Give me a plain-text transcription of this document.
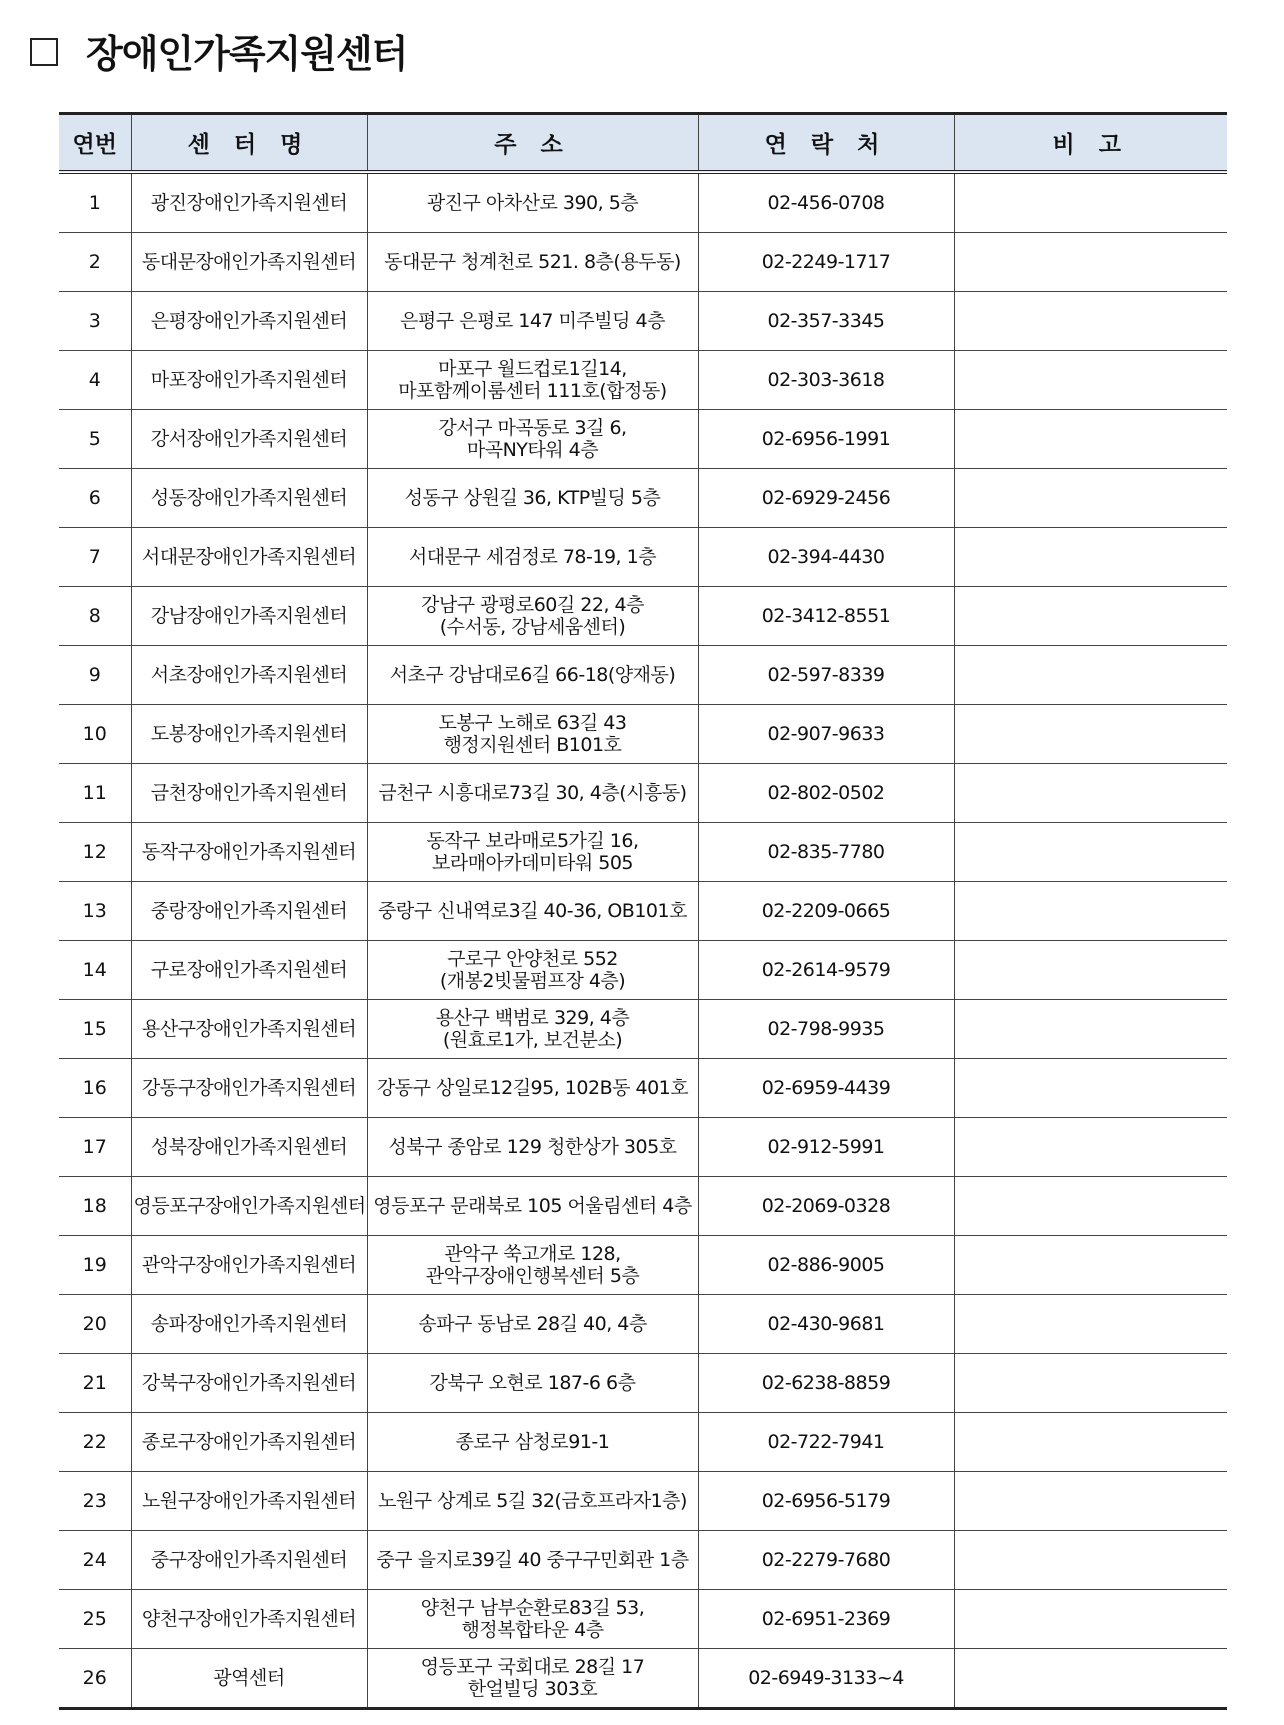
장애인가족지원센터
연번	센 터 명	주 소	연 락 처	비 고
1	광진장애인가족지원센터	광진구 아차산로 390, 5층	02-456-0708	
2	동대문장애인가족지원센터	동대문구 청계천로 521. 8층(용두동)	02-2249-1717	
3	은평장애인가족지원센터	은평구 은평로 147 미주빌딩 4층	02-357-3345	
4	마포장애인가족지원센터	마포구 월드컵로1길14,
마포함께이룸센터 111호(합정동)	02-303-3618	
5	강서장애인가족지원센터	강서구 마곡동로 3길 6,
마곡NY타워 4층	02-6956-1991	
6	성동장애인가족지원센터	성동구 상원길 36, KTP빌딩 5층	02-6929-2456	
7	서대문장애인가족지원센터	서대문구 세검정로 78-19, 1층	02-394-4430	
8	강남장애인가족지원센터	강남구 광평로60길 22, 4층
(수서동, 강남세움센터)	02-3412-8551	
9	서초장애인가족지원센터	서초구 강남대로6길 66-18(양재동)	02-597-8339	
10	도봉장애인가족지원센터	도봉구 노해로 63길 43
행정지원센터 B101호	02-907-9633	
11	금천장애인가족지원센터	금천구 시흥대로73길 30, 4층(시흥동)	02-802-0502	
12	동작구장애인가족지원센터	동작구 보라매로5가길 16,
보라매아카데미타워 505	02-835-7780	
13	중랑장애인가족지원센터	중랑구 신내역로3길 40-36, OB101호	02-2209-0665	
14	구로장애인가족지원센터	구로구 안양천로 552
(개봉2빗물펌프장 4층)	02-2614-9579	
15	용산구장애인가족지원센터	용산구 백범로 329, 4층
(원효로1가, 보건분소)	02-798-9935	
16	강동구장애인가족지원센터	강동구 상일로12길95, 102B동 401호	02-6959-4439	
17	성북장애인가족지원센터	성북구 종암로 129 청한상가 305호	02-912-5991	
18	영등포구장애인가족지원센터	영등포구 문래북로 105 어울림센터 4층	02-2069-0328	
19	관악구장애인가족지원센터	관악구 쑥고개로 128,
관악구장애인행복센터 5층	02-886-9005	
20	송파장애인가족지원센터	송파구 동남로 28길 40, 4층	02-430-9681	
21	강북구장애인가족지원센터	강북구 오현로 187-6 6층	02-6238-8859	
22	종로구장애인가족지원센터	종로구 삼청로91-1	02-722-7941	
23	노원구장애인가족지원센터	노원구 상계로 5길 32(금호프라자1층)	02-6956-5179	
24	중구장애인가족지원센터	중구 을지로39길 40 중구구민회관 1층	02-2279-7680	
25	양천구장애인가족지원센터	양천구 남부순환로83길 53,
행정복합타운 4층	02-6951-2369	
26	광역센터	영등포구 국회대로 28길 17
한얼빌딩 303호	02-6949-3133~4	
